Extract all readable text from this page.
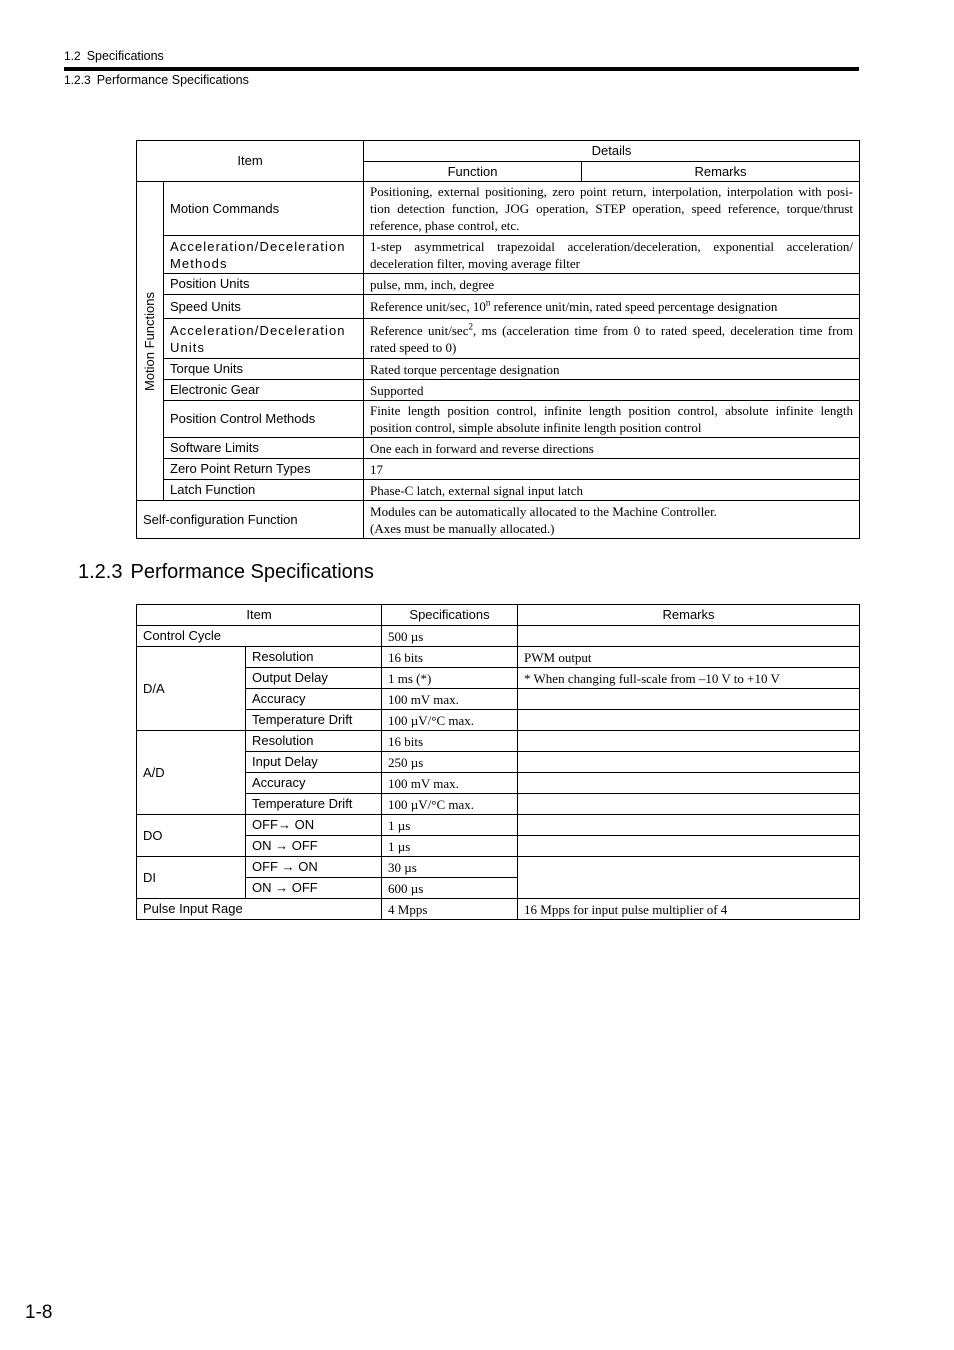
1.2 Specifications
1.2.3 Performance Specifications
Item		Details	
		Function	Remarks

Motion Functions	Motion Commands	Positioning, external positioning, zero point return, interpolation, interpolation with posi-tion detection function, JOG operation, STEP operation, speed reference, torque/thrust reference, phase control, etc.	
	Acceleration/Deceleration Methods	1-step asymmetrical trapezoidal acceleration/deceleration, exponential acceleration/ deceleration filter, moving average filter	
	Position Units	pulse, mm, inch, degree	
	Speed Units	Reference unit/sec, 10$^n$ reference unit/min, rated speed percentage designation	
	Acceleration/Deceleration Units	Reference unit/$\sec^2$, ms (acceleration time from 0 to rated speed, deceleration time from rated speed to 0)	
	Torque Units	Rated torque percentage designation	
	Electronic Gear	Supported	
	Position Control Methods	Finite length position control, infinite length position control, absolute infinite length position control, simple absolute infinite length position control	
	Software Limits	One each in forward and reverse directions	
	Zero Point Return Types	17	
	Latch Function	Phase-C latch, external signal input latch	
Self-configuration Function		Modules can be automatically allocated to the Machine Controller.
(Axes must be manually allocated.)	
1.2.3 Performance Specifications
Item		Specifications	Remarks
Control Cycle		500 µs	
D/A	Resolution	16 bits	PWM output
	Output Delay	1 ms (*)	* When changing full-scale from –10 V to +10 V
	Accuracy	100 mV max.	
	Temperature Drift	100 µV/°C max.	
A/D	Resolution	16 bits	
	Input Delay	250 µs	
	Accuracy	100 mV max.	
	Temperature Drift	100 µV/°C max.	
DO	OFF→ ON	1 µs	
	ON → OFF	1 µs	
DI	OFF → ON	30 µs	
	ON → OFF	600 µs	
Pulse Input Rage		4 Mpps	16 Mpps for input pulse multiplier of 4
1-8
